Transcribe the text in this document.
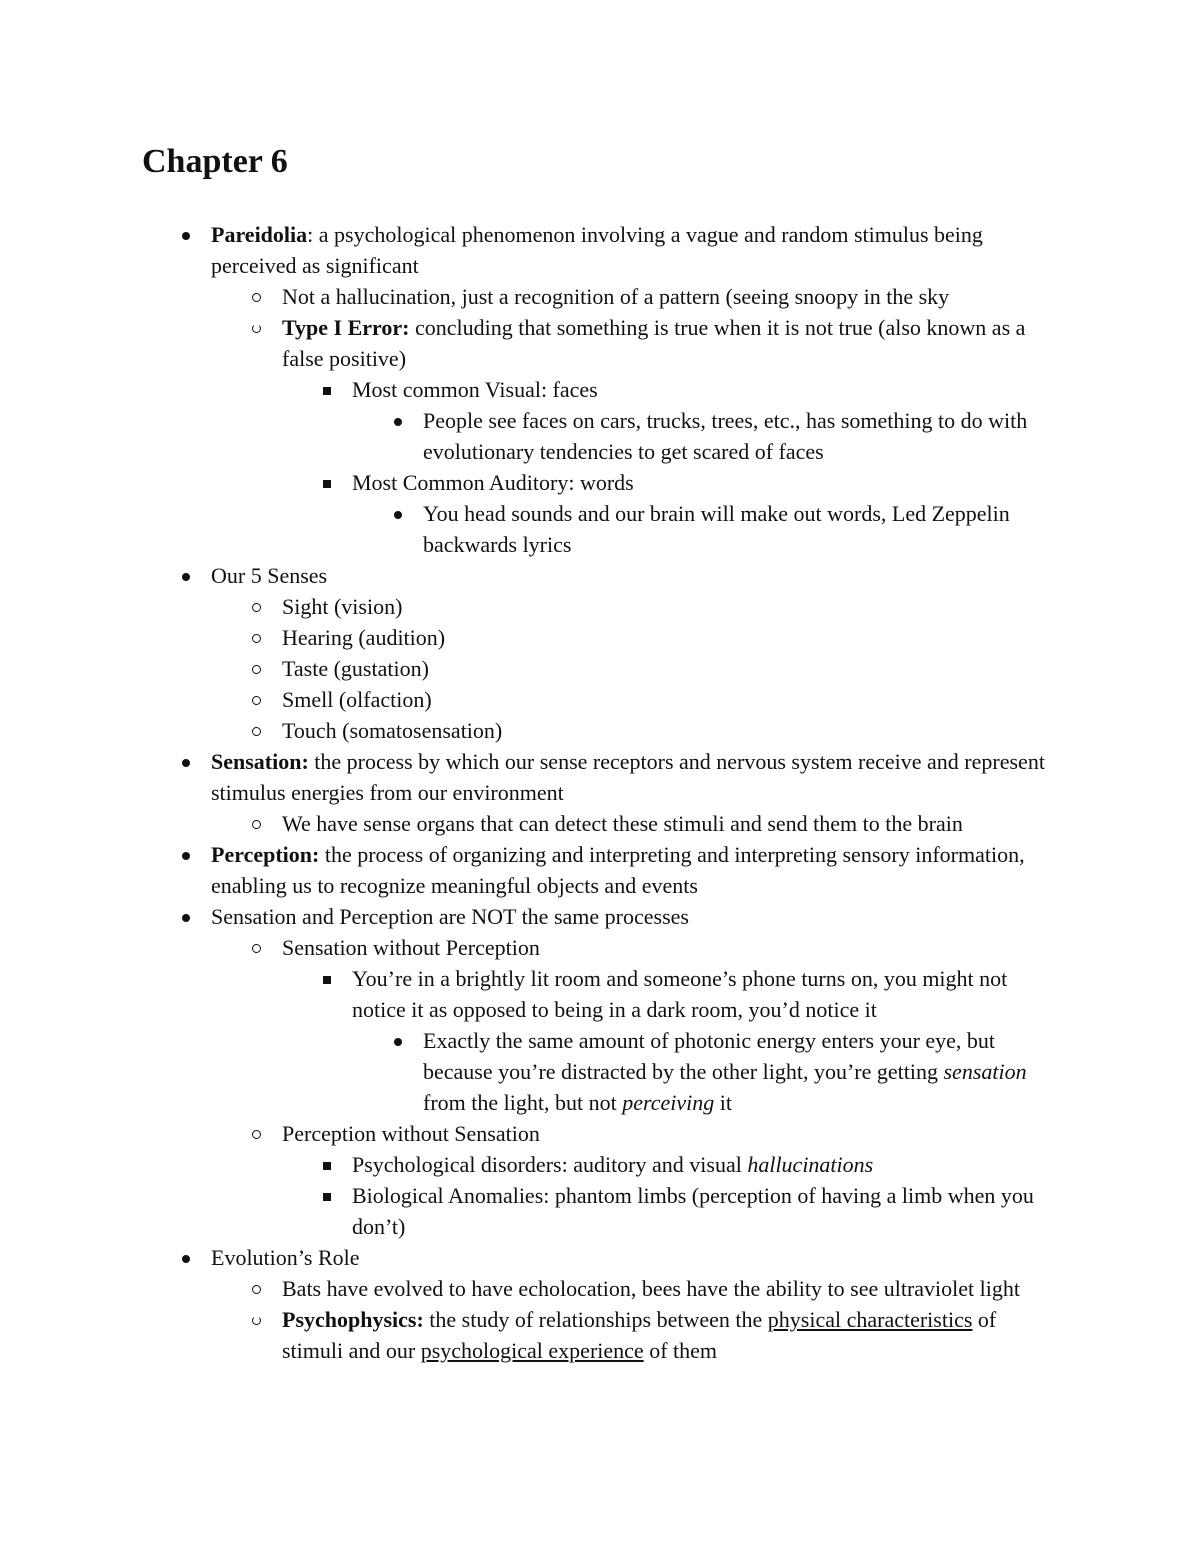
Chapter 6
Pareidolia: a psychological phenomenon involving a vague and random stimulus being perceived as significant
Not a hallucination, just a recognition of a pattern (seeing snoopy in the sky
Type I Error: concluding that something is true when it is not true (also known as a false positive)
Most common Visual: faces
People see faces on cars, trucks, trees, etc., has something to do with evolutionary tendencies to get scared of faces
Most Common Auditory: words
You head sounds and our brain will make out words, Led Zeppelin backwards lyrics
Our 5 Senses
Sight (vision)
Hearing (audition)
Taste (gustation)
Smell (olfaction)
Touch (somatosensation)
Sensation: the process by which our sense receptors and nervous system receive and represent stimulus energies from our environment
We have sense organs that can detect these stimuli and send them to the brain
Perception: the process of organizing and interpreting and interpreting sensory information, enabling us to recognize meaningful objects and events
Sensation and Perception are NOT the same processes
Sensation without Perception
You’re in a brightly lit room and someone’s phone turns on, you might not notice it as opposed to being in a dark room, you’d notice it
Exactly the same amount of photonic energy enters your eye, but because you’re distracted by the other light, you’re getting sensation from the light, but not perceiving it
Perception without Sensation
Psychological disorders: auditory and visual hallucinations
Biological Anomalies: phantom limbs (perception of having a limb when you don’t)
Evolution’s Role
Bats have evolved to have echolocation, bees have the ability to see ultraviolet light
Psychophysics: the study of relationships between the physical characteristics of stimuli and our psychological experience of them
